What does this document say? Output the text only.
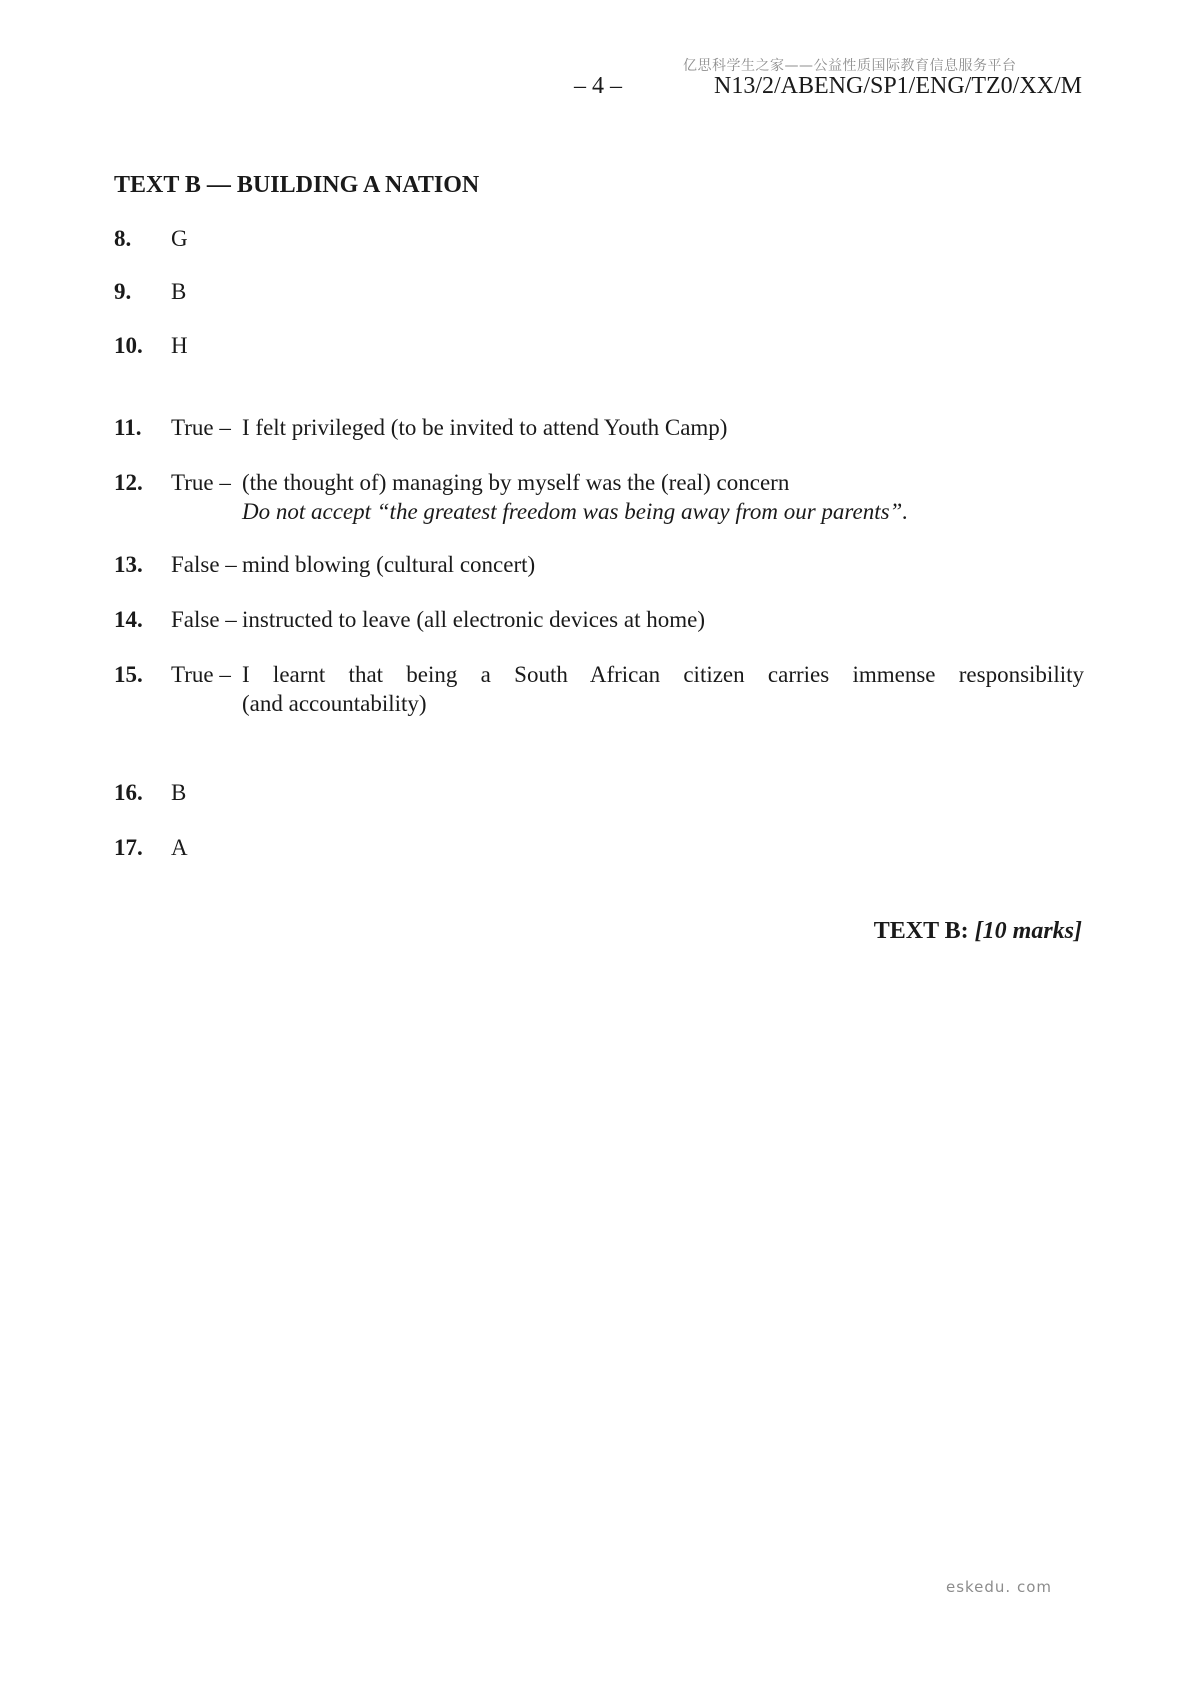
亿思科学生之家——公益性质国际教育信息服务平台
– 4 –	N13/2/ABENG/SP1/ENG/TZ0/XX/M
TEXT B — BUILDING A NATION
8. G
9. B
10. H
11. True – I felt privileged (to be invited to attend Youth Camp)
12. True – (the thought of) managing by myself was the (real) concern
Do not accept “the greatest freedom was being away from our parents”.
13. False – mind blowing (cultural concert)
14. False – instructed to leave (all electronic devices at home)
15. True – I learnt that being a South African citizen carries immense responsibility
(and accountability)
16. B
17. A
TEXT B: [10 marks]
eskedu. com
